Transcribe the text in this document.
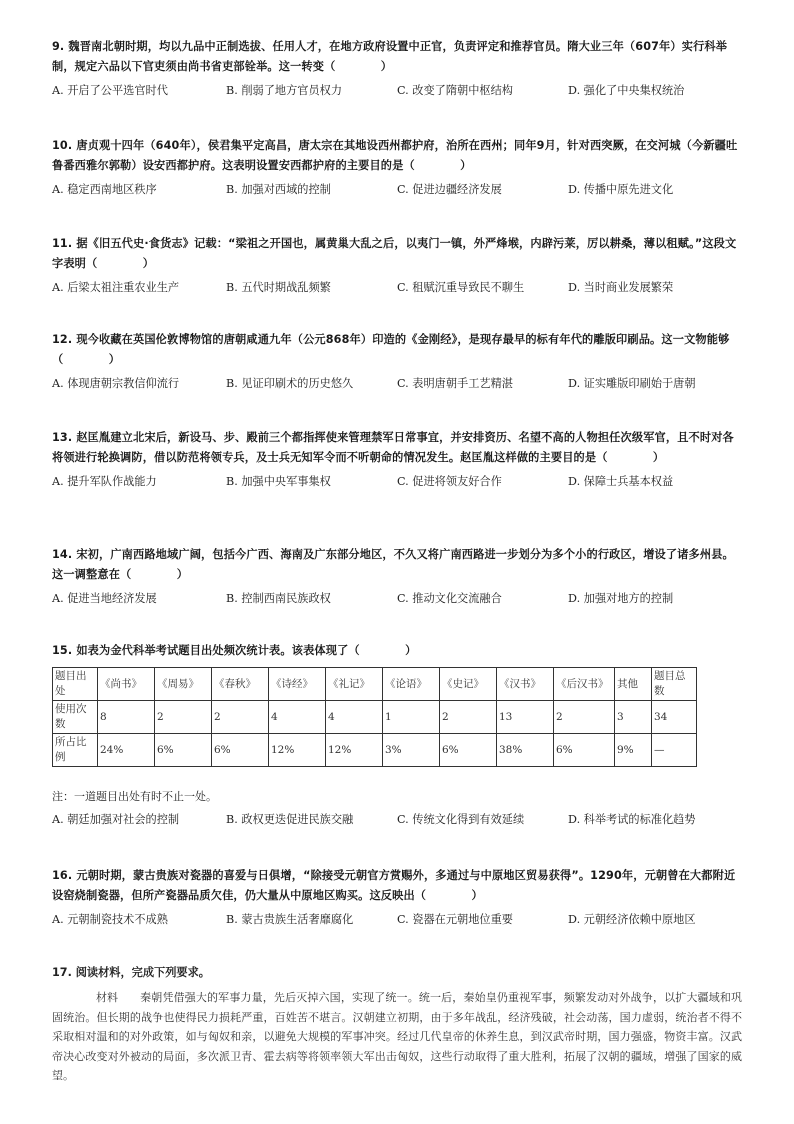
9. 魏晋南北朝时期，均以九品中正制选拔、任用人才，在地方政府设置中正官，负责评定和推荐官员。隋大业三年（607年）实行科举制，规定六品以下官吏须由尚书省吏部铨举。这一转变（　　　　）
A. 开启了公平选官时代	B. 削弱了地方官员权力	C. 改变了隋朝中枢结构	D. 强化了中央集权统治
10. 唐贞观十四年（640年），侯君集平定高昌，唐太宗在其地设西州都护府，治所在西州；同年9月，针对西突厥，在交河城（今新疆吐鲁番西雅尔郭勒）设安西都护府。这表明设置安西都护府的主要目的是（　　　　）
A. 稳定西南地区秩序	B. 加强对西域的控制	C. 促进边疆经济发展	D. 传播中原先进文化
11. 据《旧五代史·食货志》记载：“梁祖之开国也，属黄巢大乱之后，以夷门一镇，外严烽堠，内辟污莱，厉以耕桑，薄以租赋。”这段文字表明（　　　　）
A. 后梁太祖注重农业生产	B. 五代时期战乱频繁	C. 租赋沉重导致民不聊生	D. 当时商业发展繁荣
12. 现今收藏在英国伦敦博物馆的唐朝咸通九年（公元868年）印造的《金刚经》，是现存最早的标有年代的雕版印刷品。这一文物能够（　　　　）
A. 体现唐朝宗教信仰流行	B. 见证印刷术的历史悠久	C. 表明唐朝手工艺精湛	D. 证实雕版印刷始于唐朝
13. 赵匡胤建立北宋后，新设马、步、殿前三个都指挥使来管理禁军日常事宜，并安排资历、名望不高的人物担任次级军官，且不时对各将领进行轮换调防，借以防范将领专兵，及士兵无知军令而不听朝命的情况发生。赵匡胤这样做的主要目的是（　　　　）
A. 提升军队作战能力	B. 加强中央军事集权	C. 促进将领友好合作	D. 保障士兵基本权益
14. 宋初，广南西路地域广阔，包括今广西、海南及广东部分地区，不久又将广南西路进一步划分为多个小的行政区，增设了诸多州县。这一调整意在（　　　　）
A. 促进当地经济发展	B. 控制西南民族政权	C. 推动文化交流融合	D. 加强对地方的控制
15. 如表为金代科举考试题目出处频次统计表。该表体现了（　　　　）
题目出处	《尚书》	《周易》	《春秋》	《诗经》	《礼记》	《论语》	《史记》	《汉书》	《后汉书》	其他	题目总数
使用次数	8	2	2	4	4	1	2	13	2	3	34
所占比例	24%	6%	6%	12%	12%	3%	6%	38%	6%	9%	—
注：一道题目出处有时不止一处。
A. 朝廷加强对社会的控制	B. 政权更迭促进民族交融	C. 传统文化得到有效延续	D. 科举考试的标准化趋势
16. 元朝时期，蒙古贵族对瓷器的喜爱与日俱增，“除接受元朝官方赏赐外，多通过与中原地区贸易获得”。1290年，元朝曾在大都附近设窑烧制瓷器，但所产瓷器品质欠佳，仍大量从中原地区购买。这反映出（　　　　）
A. 元朝制瓷技术不成熟	B. 蒙古贵族生活奢靡腐化	C. 瓷器在元朝地位重要	D. 元朝经济依赖中原地区
17. 阅读材料，完成下列要求。
材料 秦朝凭借强大的军事力量，先后灭掉六国，实现了统一。统一后，秦始皇仍重视军事，频繁发动对外战争，以扩大疆域和巩固统治。但长期的战争也使得民力损耗严重，百姓苦不堪言。汉朝建立初期，由于多年战乱，经济残破，社会动荡，国力虚弱，统治者不得不采取相对温和的对外政策，如与匈奴和亲，以避免大规模的军事冲突。经过几代皇帝的休养生息，到汉武帝时期，国力强盛，物资丰富。汉武帝决心改变对外被动的局面，多次派卫青、霍去病等将领率领大军出击匈奴，这些行动取得了重大胜利，拓展了汉朝的疆域，增强了国家的威望。
